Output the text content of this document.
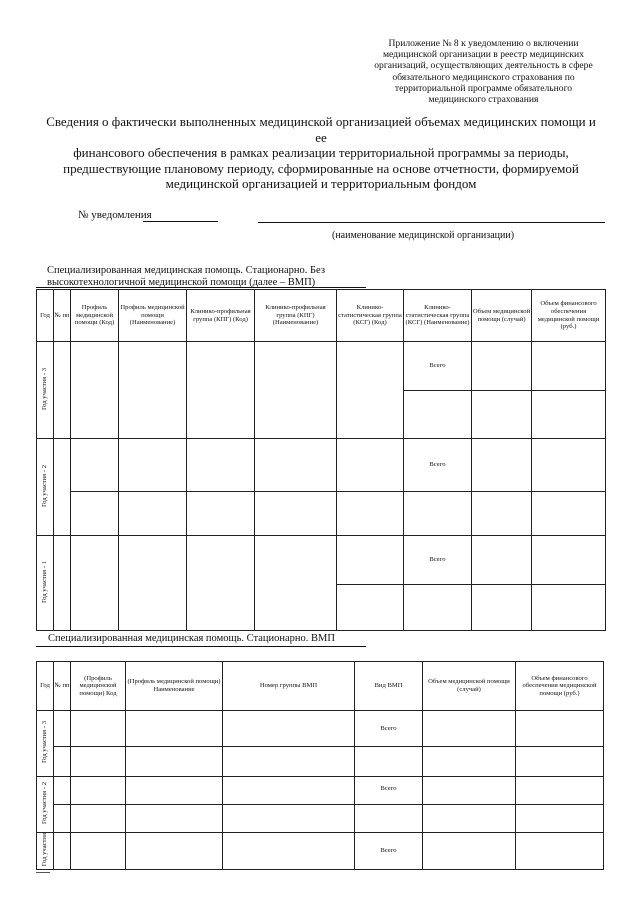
Приложение № 8 к уведомлению о включении
медицинской организации в реестр медицинских
организаций, осуществляющих деятельность в сфере
обязательного медицинского страхования по
территориальной программе обязательного
медицинского страхования
Сведения о фактически выполненных медицинской организацией объемах медицинских помощи и ее
финансового обеспечения в рамках реализации территориальной программы за периоды,
предшествующие плановому периоду, сформированные на основе отчетности, формируемой
медицинской организацией и территориальным фондом
№ уведомления
(наименование медицинской организации)
Специализированная медицинская помощь. Стационарно. Без
высокотехнологичной медицинской помощи (далее – ВМП)
Год	№ пп	Профиль медицинской помощи (Код)	Профиль медицинской помощи (Наименование)	Клинико-профильная группа (КПГ) (Код)	Клинико-профильная группа (КПГ) (Наименование)	Клинико-статистическая группа (КСГ) (Код)	Клинико-статистическая группа (КСГ) (Наименование)	Объем медицинской помощи (случай)	Объем финансового обеспечения медицинской помощи (руб.)
Год участия - 3							Всего		

Год участия - 2							Всего		

Год участия - 1							Всего		

Специализированная медицинская помощь. Стационарно. ВМП
Год	№ пп	(Профиль медицинской помощи) Код	(Профиль медицинской помощи) Наименование	Номер группы ВМП	Вид ВМП	Объем медицинской помощи (случай)	Объем финансового обеспечения медицинской помощи (руб.)
Год участия - 3					Всего		

Год участия - 2					Всего		

Год участия					Всего		
